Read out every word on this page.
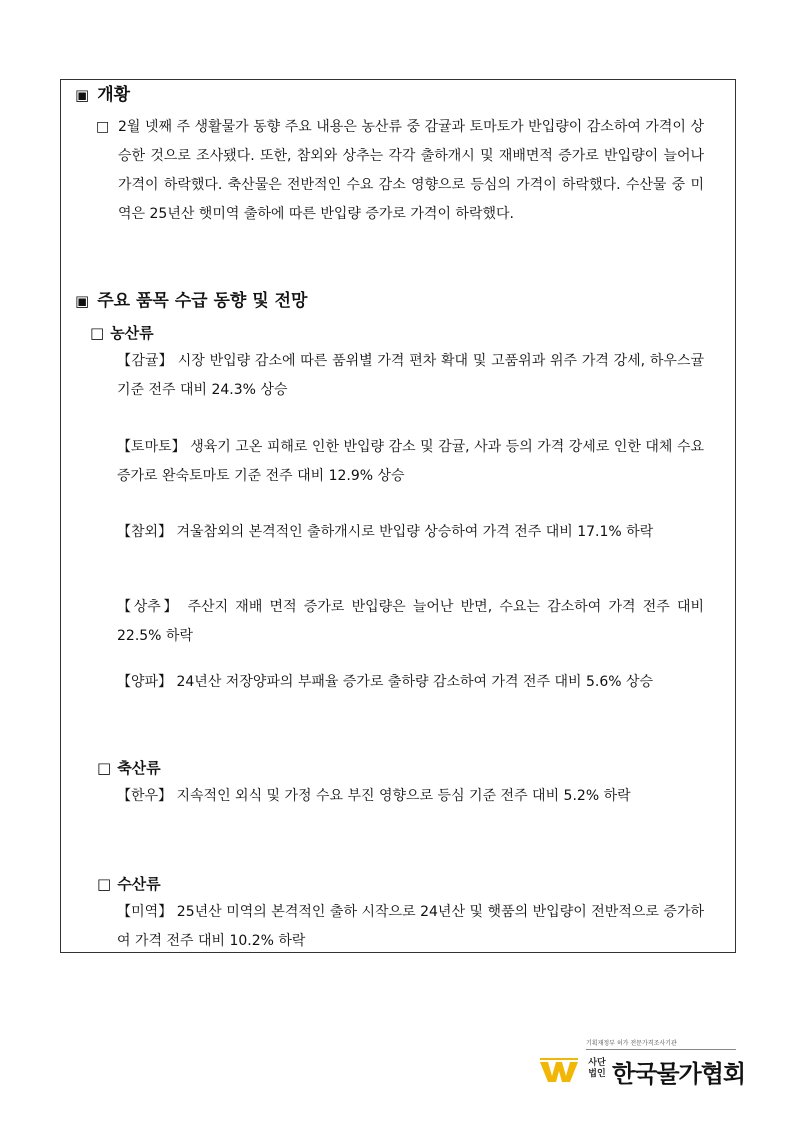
▣ 개황
□ 2월 넷째 주 생활물가 동향 주요 내용은 농산류 중 감귤과 토마토가 반입량이 감소하여 가격이 상승한 것으로 조사됐다. 또한, 참외와 상추는 각각 출하개시 및 재배면적 증가로 반입량이 늘어나 가격이 하락했다. 축산물은 전반적인 수요 감소 영향으로 등심의 가격이 하락했다. 수산물 중 미역은 25년산 햇미역 출하에 따른 반입량 증가로 가격이 하락했다.
▣ 주요 품목 수급 동향 및 전망
□ 농산류
【감귤】 시장 반입량 감소에 따른 품위별 가격 편차 확대 및 고품위과 위주 가격 강세, 하우스귤 기준 전주 대비 24.3% 상승
【토마토】 생육기 고온 피해로 인한 반입량 감소 및 감귤, 사과 등의 가격 강세로 인한 대체 수요 증가로 완숙토마토 기준 전주 대비 12.9% 상승
【참외】 겨울참외의 본격적인 출하개시로 반입량 상승하여 가격 전주 대비 17.1% 하락
【상추】 주산지 재배 면적 증가로 반입량은 늘어난 반면, 수요는 감소하여 가격 전주 대비 22.5% 하락
【양파】 24년산 저장양파의 부패율 증가로 출하량 감소하여 가격 전주 대비 5.6% 상승
□ 축산류
【한우】 지속적인 외식 및 가정 수요 부진 영향으로 등심 기준 전주 대비 5.2% 하락
□ 수산류
【미역】 25년산 미역의 본격적인 출하 시작으로 24년산 및 햇품의 반입량이 전반적으로 증가하여 가격 전주 대비 10.2% 하락
기획재정부 허가 전문가격조사기관
사단법인 한국물가협회
